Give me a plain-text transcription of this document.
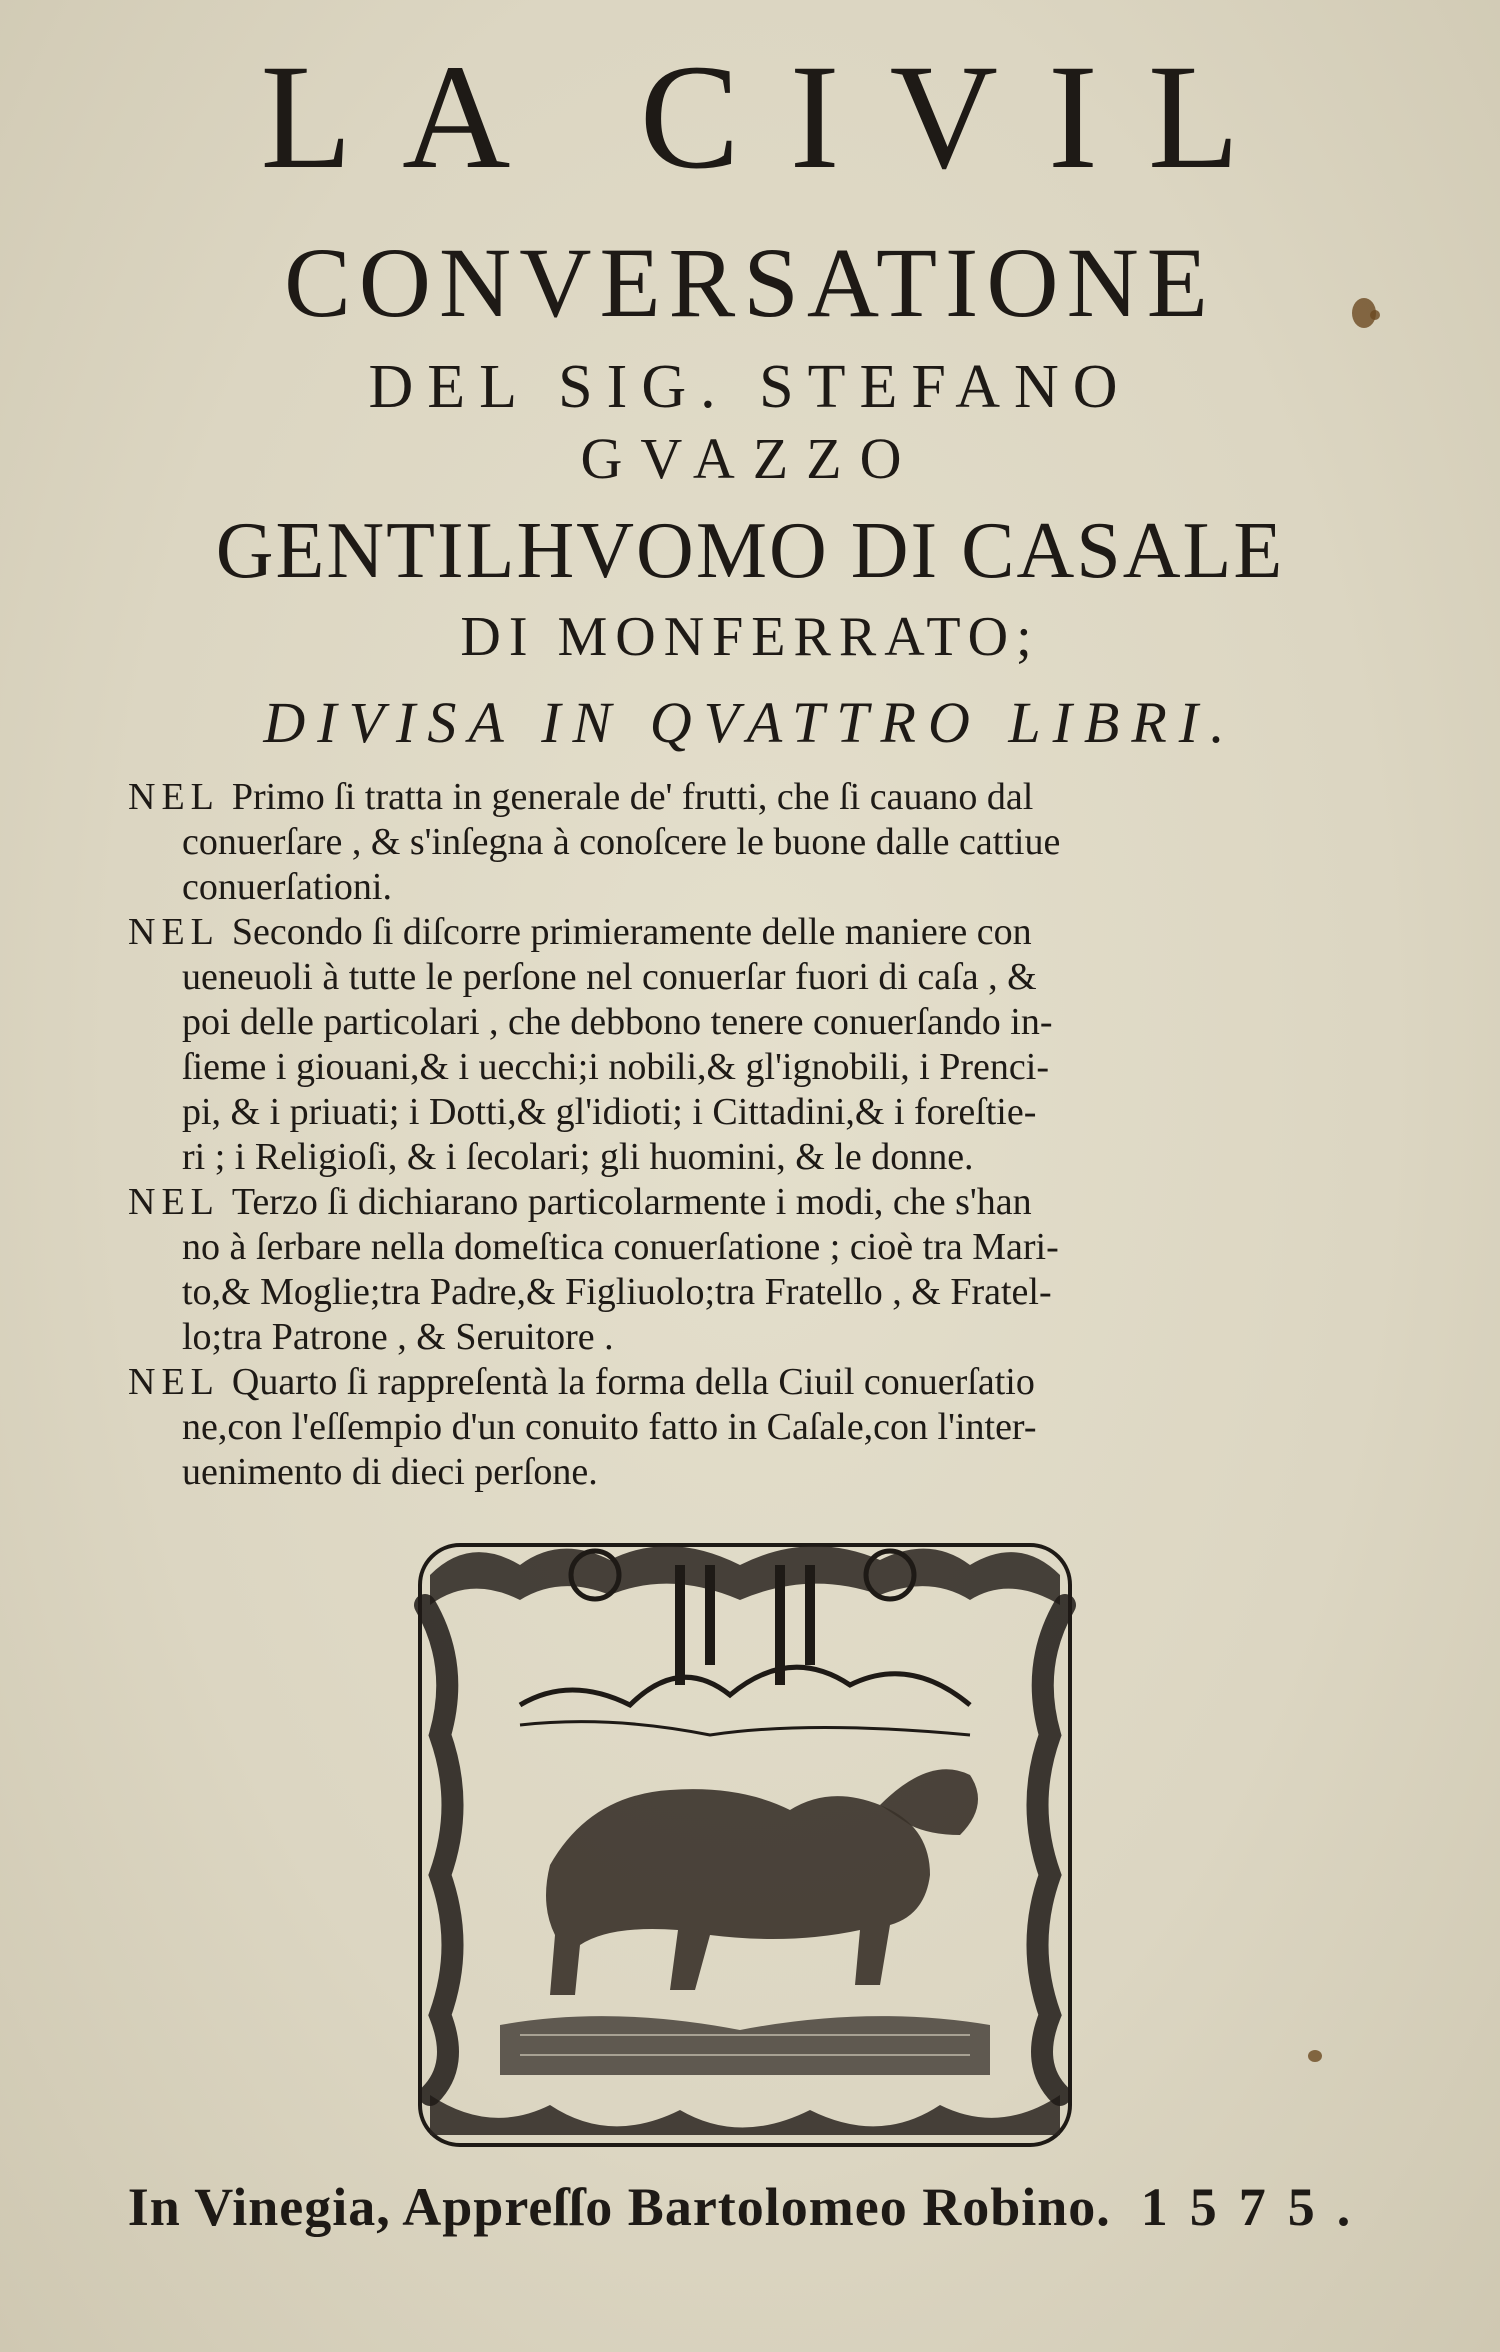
LA CIVIL
CONVERSATIONE
DEL SIG. STEFANO
GVAZZO
GENTILHVOMO DI CASALE
DI MONFERRATO;
DIVISA IN QVATTRO LIBRI.

NEL Primo ſi tratta in generale de' frutti, che ſi cauano dal
conuerſare , & s'inſegna à conoſcere le buone dalle cattiue
conuerſationi.

NEL Secondo ſi diſcorre primieramente delle maniere con
ueneuoli à tutte le perſone nel conuerſar fuori di caſa , &
poi delle particolari , che debbono tenere conuerſando in-
ſieme i giouani,& i uecchi;i nobili,& gl'ignobili, i Prenci-
pi, & i priuati; i Dotti,& gl'idioti; i Cittadini,& i foreſtie-
ri ; i Religioſi, & i ſecolari; gli huomini, & le donne.

NEL Terzo ſi dichiarano particolarmente i modi, che s'han
no à ſerbare nella domeſtica conuerſatione ; cioè tra Mari-
to,& Moglie;tra Padre,& Figliuolo;tra Fratello , & Fratel-
lo;tra Patrone , & Seruitore .

NEL Quarto ſi rappreſentà la forma della Ciuil conuerſatio
ne,con l'eſſempio d'un conuito fatto in Caſale,con l'inter-
uenimento di dieci perſone.

In Vinegia, Appreſſo Bartolomeo Robino. 1575.
